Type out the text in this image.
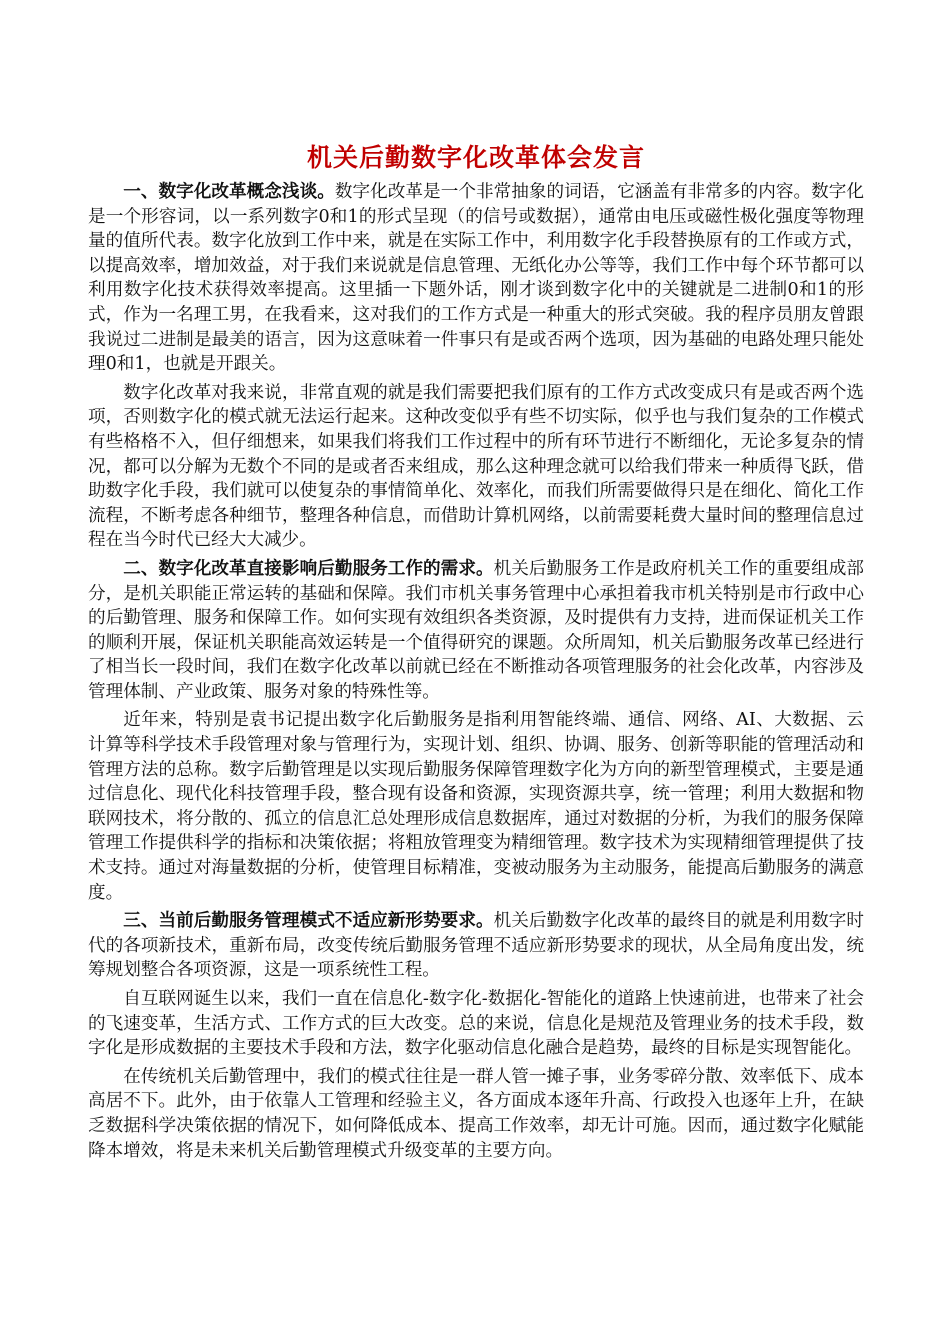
机关后勤数字化改革体会发言

一、数字化改革概念浅谈。数字化改革是一个非常抽象的词语，它涵盖有非常多的内容。数字化是一个形容词，以一系列数字0和1的形式呈现（的信号或数据），通常由电压或磁性极化强度等物理量的值所代表。数字化放到工作中来，就是在实际工作中，利用数字化手段替换原有的工作或方式，以提高效率，增加效益，对于我们来说就是信息管理、无纸化办公等等，我们工作中每个环节都可以利用数字化技术获得效率提高。这里插一下题外话，刚才谈到数字化中的关键就是二进制0和1的形式，作为一名理工男，在我看来，这对我们的工作方式是一种重大的形式突破。我的程序员朋友曾跟我说过二进制是最美的语言，因为这意味着一件事只有是或否两个选项，因为基础的电路处理只能处理0和1，也就是开跟关。

数字化改革对我来说，非常直观的就是我们需要把我们原有的工作方式改变成只有是或否两个选项，否则数字化的模式就无法运行起来。这种改变似乎有些不切实际，似乎也与我们复杂的工作模式有些格格不入，但仔细想来，如果我们将我们工作过程中的所有环节进行不断细化，无论多复杂的情况，都可以分解为无数个不同的是或者否来组成，那么这种理念就可以给我们带来一种质得飞跃，借助数字化手段，我们就可以使复杂的事情简单化、效率化，而我们所需要做得只是在细化、简化工作流程，不断考虑各种细节，整理各种信息，而借助计算机网络，以前需要耗费大量时间的整理信息过程在当今时代已经大大减少。

二、数字化改革直接影响后勤服务工作的需求。机关后勤服务工作是政府机关工作的重要组成部分，是机关职能正常运转的基础和保障。我们市机关事务管理中心承担着我市机关特别是市行政中心的后勤管理、服务和保障工作。如何实现有效组织各类资源，及时提供有力支持，进而保证机关工作的顺利开展，保证机关职能高效运转是一个值得研究的课题。众所周知，机关后勤服务改革已经进行了相当长一段时间，我们在数字化改革以前就已经在不断推动各项管理服务的社会化改革，内容涉及管理体制、产业政策、服务对象的特殊性等。

近年来，特别是袁书记提出数字化后勤服务是指利用智能终端、通信、网络、AI、大数据、云计算等科学技术手段管理对象与管理行为，实现计划、组织、协调、服务、创新等职能的管理活动和管理方法的总称。数字后勤管理是以实现后勤服务保障管理数字化为方向的新型管理模式，主要是通过信息化、现代化科技管理手段，整合现有设备和资源，实现资源共享，统一管理；利用大数据和物联网技术，将分散的、孤立的信息汇总处理形成信息数据库，通过对数据的分析，为我们的服务保障管理工作提供科学的指标和决策依据；将粗放管理变为精细管理。数字技术为实现精细管理提供了技术支持。通过对海量数据的分析，使管理目标精准，变被动服务为主动服务，能提高后勤服务的满意度。

三、当前后勤服务管理模式不适应新形势要求。机关后勤数字化改革的最终目的就是利用数字时代的各项新技术，重新布局，改变传统后勤服务管理不适应新形势要求的现状，从全局角度出发，统筹规划整合各项资源，这是一项系统性工程。

自互联网诞生以来，我们一直在信息化-数字化-数据化-智能化的道路上快速前进，也带来了社会的飞速变革，生活方式、工作方式的巨大改变。总的来说，信息化是规范及管理业务的技术手段，数字化是形成数据的主要技术手段和方法，数字化驱动信息化融合是趋势，最终的目标是实现智能化。

在传统机关后勤管理中，我们的模式往往是一群人管一摊子事，业务零碎分散、效率低下、成本高居不下。此外，由于依靠人工管理和经验主义，各方面成本逐年升高、行政投入也逐年上升，在缺乏数据科学决策依据的情况下，如何降低成本、提高工作效率，却无计可施。因而，通过数字化赋能降本增效，将是未来机关后勤管理模式升级变革的主要方向。
